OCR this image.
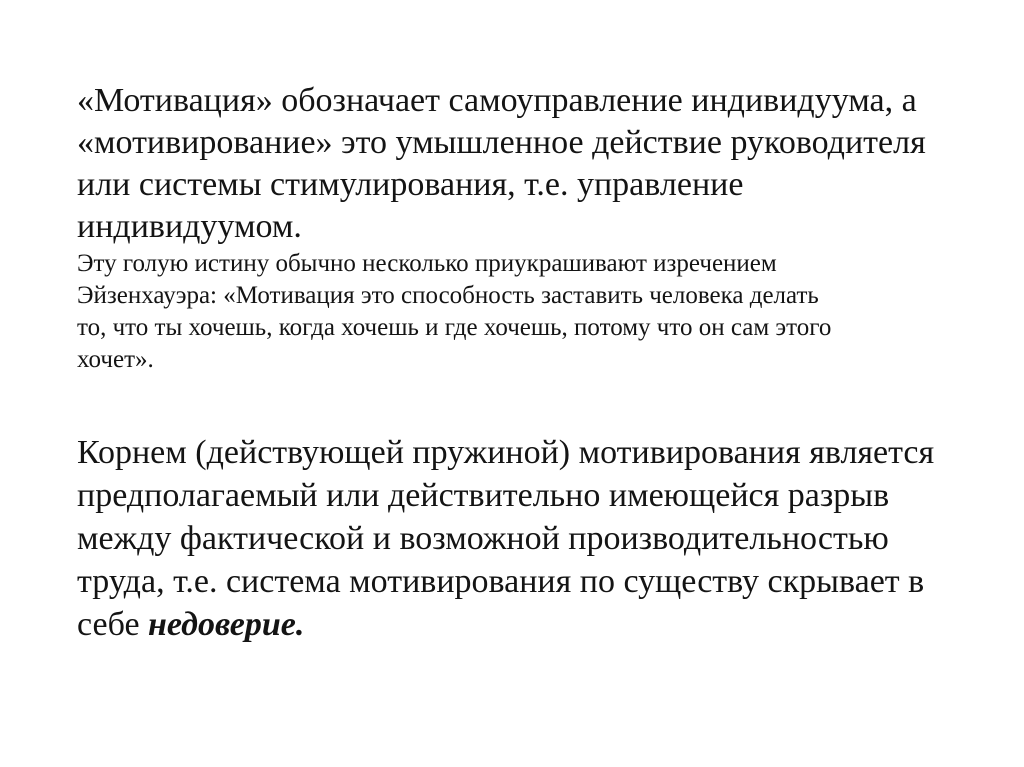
«Мотивация» обозначает самоуправление индивидуума, а
«мотивирование» это умышленное действие руководителя
или системы стимулирования, т.е. управление
индивидуумом.

Эту голую истину обычно несколько приукрашивают изречением
Эйзенхауэра: «Мотивация это способность заставить человека делать
то, что ты хочешь, когда хочешь и где хочешь, потому что он сам этого
хочет».

Корнем (действующей пружиной) мотивирования является
предполагаемый или действительно имеющейся разрыв
между фактической и возможной производительностью
труда, т.е. система мотивирования по существу скрывает в
себе недоверие.
